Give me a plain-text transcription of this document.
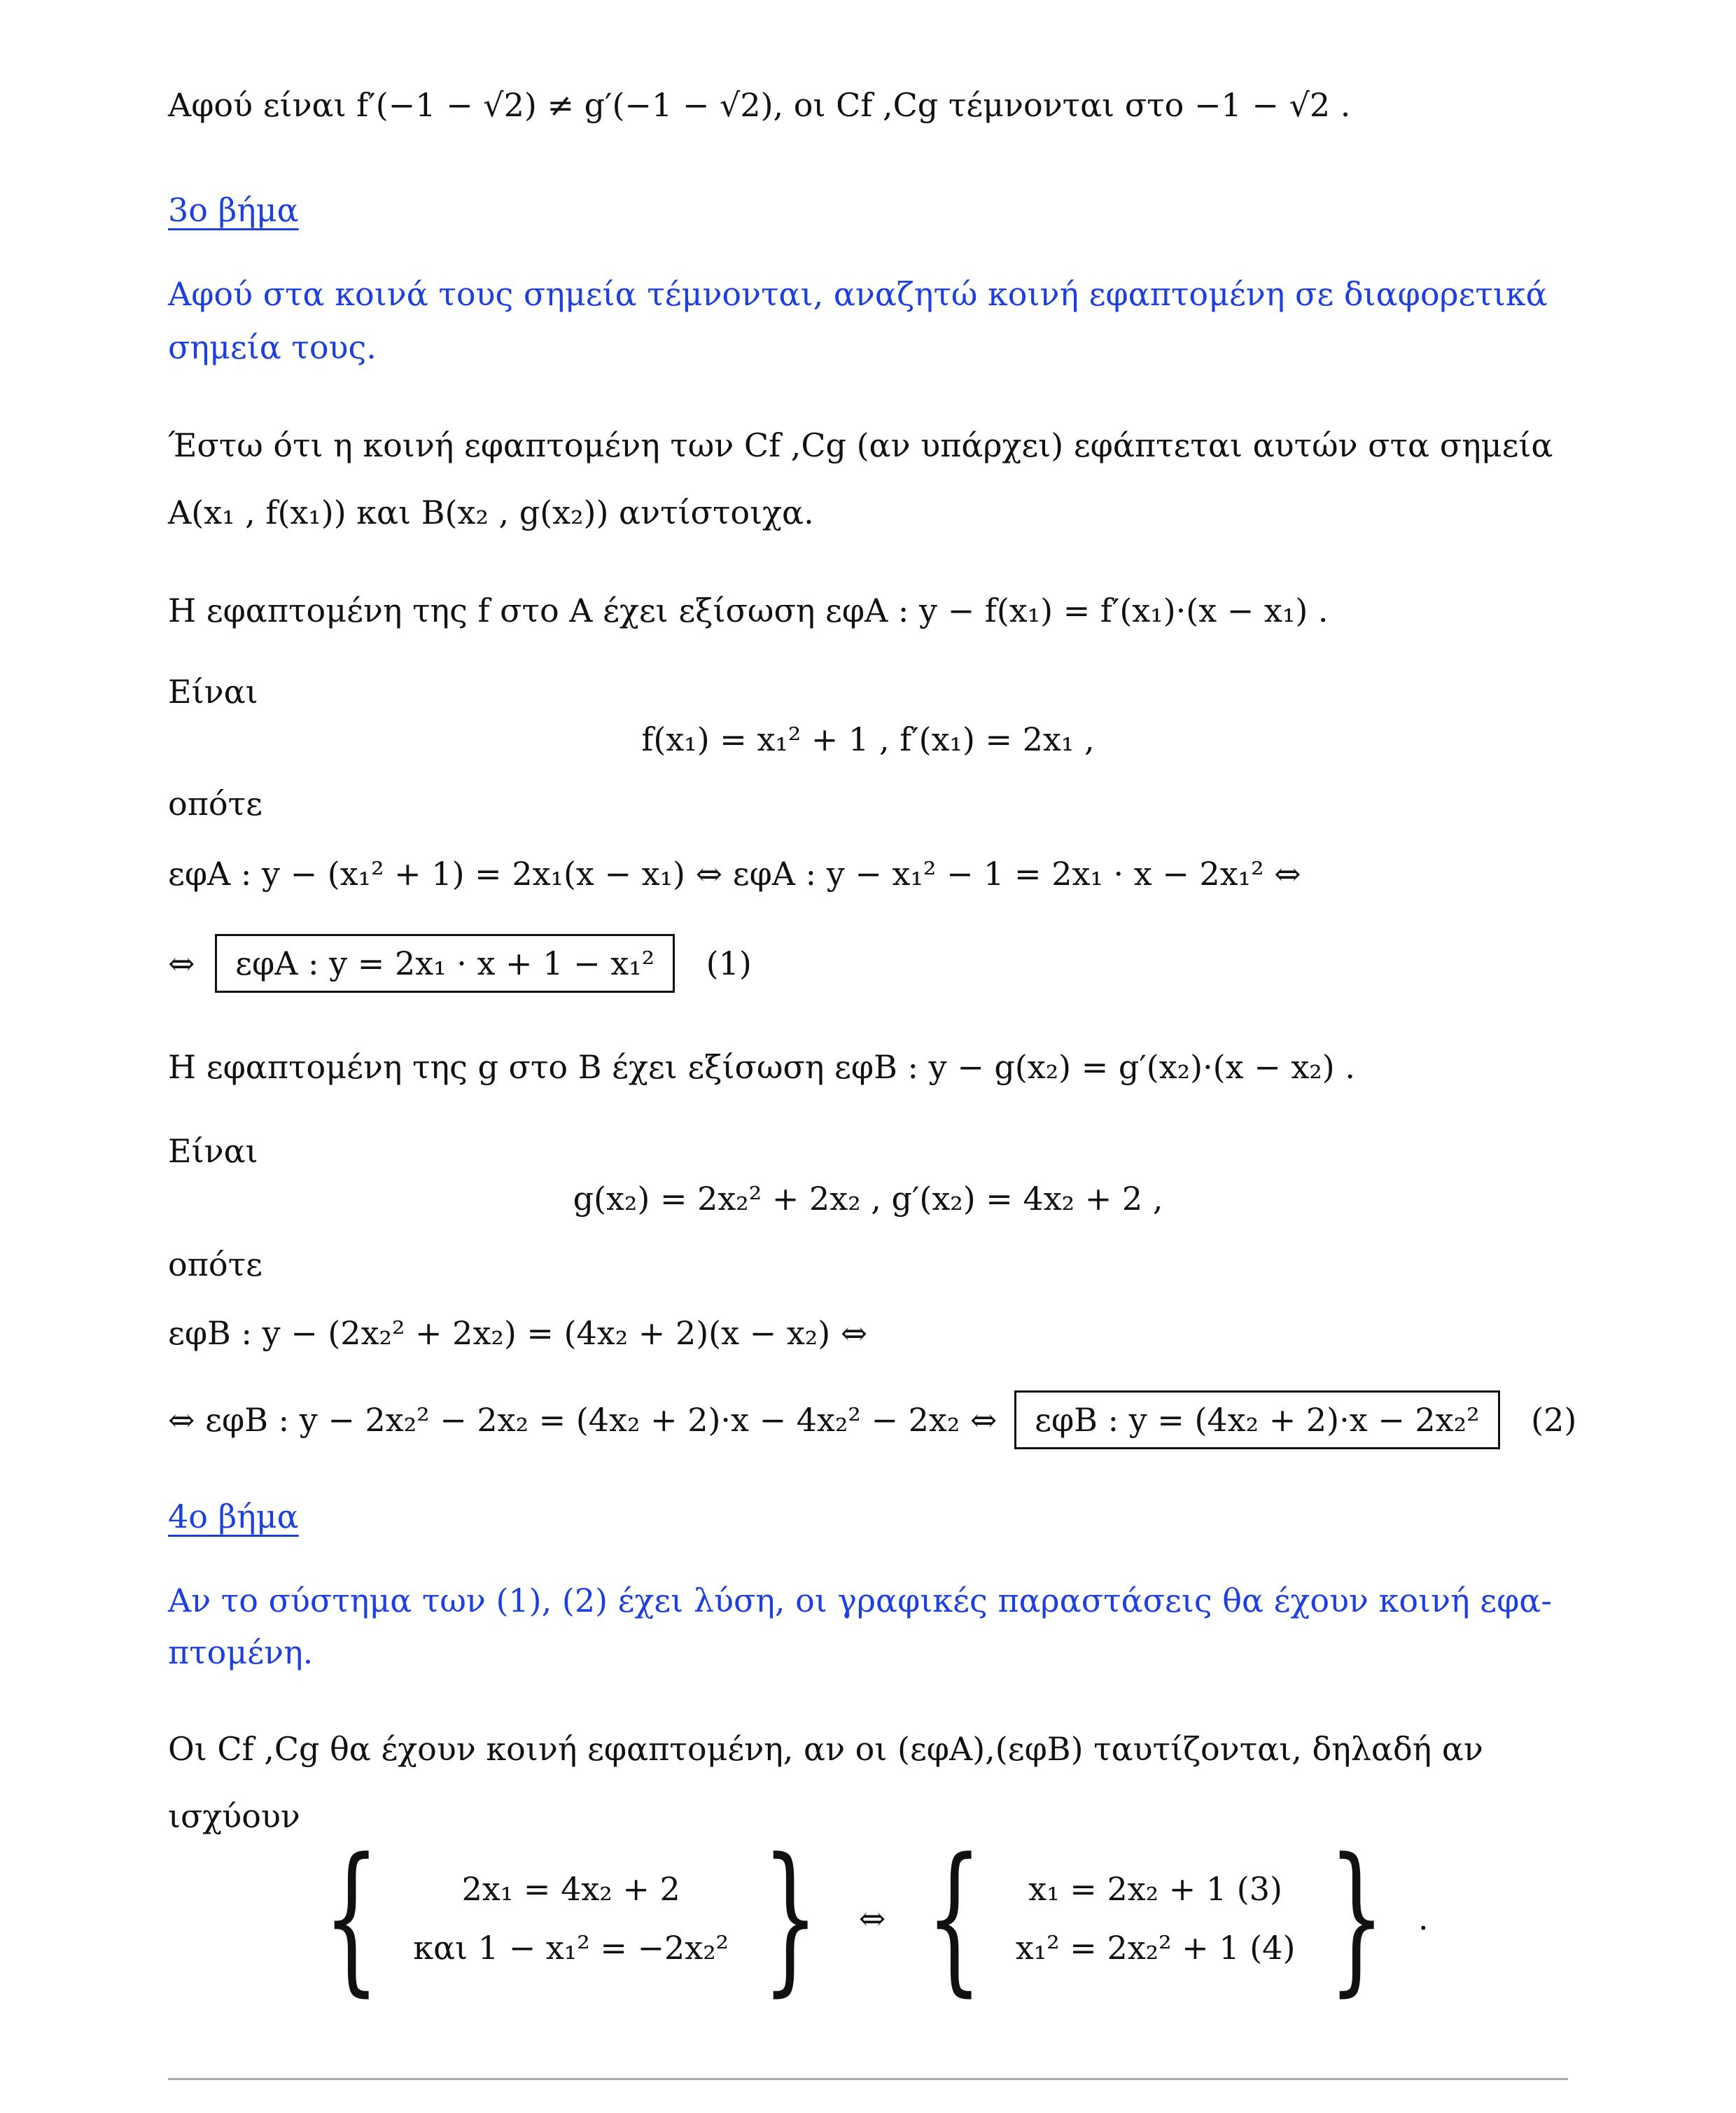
Αφού είναι f′(−1 − √2) ≠ g′(−1 − √2), οι Cf ,Cg τέμνονται στο −1 − √2 .
3ο βήμα
Αφού στα κοινά τους σημεία τέμνονται, αναζητώ κοινή εφαπτομένη σε διαφορετικά
σημεία τους.
Έστω ότι η κοινή εφαπτομένη των Cf ,Cg (αν υπάρχει) εφάπτεται αυτών στα σημεία
A(x₁ , f(x₁)) και B(x₂ , g(x₂)) αντίστοιχα.
Η εφαπτομένη της f στο A έχει εξίσωση εφA : y − f(x₁) = f′(x₁)·(x − x₁) .
Είναι
f(x₁) = x₁² + 1 , f′(x₁) = 2x₁ ,
οπότε
εφA : y − (x₁² + 1) = 2x₁(x − x₁) ⇔ εφA : y − x₁² − 1 = 2x₁ · x − 2x₁² ⇔
⇔ εφA : y = 2x₁ · x + 1 − x₁² (1)
Η εφαπτομένη της g στο B έχει εξίσωση εφB : y − g(x₂) = g′(x₂)·(x − x₂) .
Είναι
g(x₂) = 2x₂² + 2x₂ , g′(x₂) = 4x₂ + 2 ,
οπότε
εφB : y − (2x₂² + 2x₂) = (4x₂ + 2)(x − x₂) ⇔
⇔ εφB : y − 2x₂² − 2x₂ = (4x₂ + 2)·x − 4x₂² − 2x₂ ⇔ εφB : y = (4x₂ + 2)·x − 2x₂² (2)
4ο βήμα
Αν το σύστημα των (1), (2) έχει λύση, οι γραφικές παραστάσεις θα έχουν κοινή εφα-
πτομένη.
Οι Cf ,Cg θα έχουν κοινή εφαπτομένη, αν οι (εφA),(εφB) ταυτίζονται, δηλαδή αν
ισχύουν
{	2x₁ = 4x₂ + 2
και 1 − x₁² = −2x₂² } ⇔ {	x₁ = 2x₂ + 1 (3)
x₁² = 2x₂² + 1 (4) } .
